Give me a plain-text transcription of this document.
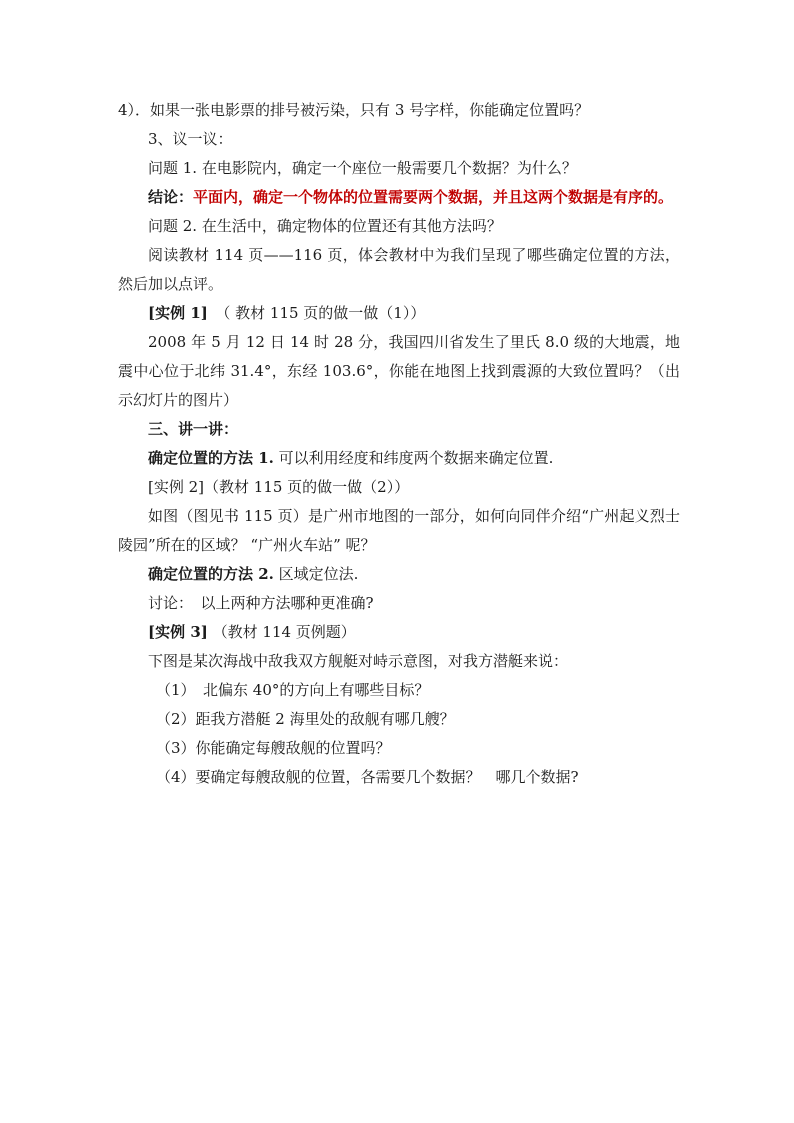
4）．如果一张电影票的排号被污染，只有 3 号字样，你能确定位置吗？

3、议一议：

问题 1. 在电影院内，确定一个座位一般需要几个数据？为什么？

结论：平面内，确定一个物体的位置需要两个数据，并且这两个数据是有序的。

问题 2. 在生活中，确定物体的位置还有其他方法吗？

阅读教材 114 页——116 页，体会教材中为我们呈现了哪些确定位置的方法，然后加以点评。

[实例 1]　 （ 教材 115 页的做一做（1））

2008 年 5 月 12 日 14 时 28 分，我国四川省发生了里氏 8.0 级的大地震，地震中心位于北纬 31.4°，东经 103.6°，你能在地图上找到震源的大致位置吗？（出示幻灯片的图片）

三、讲一讲：

确定位置的方法 1. 可以利用经度和纬度两个数据来确定位置.

[实例 2]（教材 115 页的做一做（2））

如图（图见书 115 页）是广州市地图的一部分，如何向同伴介绍“广州起义烈士陵园”所在的区域？ “广州火车站” 呢？

确定位置的方法 2. 区域定位法.

讨论：　以上两种方法哪种更准确?

[实例 3] （教材 114 页例题）

下图是某次海战中敌我双方舰艇对峙示意图，对我方潜艇来说：

（1）　北偏东 40°的方向上有哪些目标？

（2）距我方潜艇 2 海里处的敌舰有哪几艘？

（3）你能确定每艘敌舰的位置吗？

（4）要确定每艘敌舰的位置，各需要几个数据？　哪几个数据?
